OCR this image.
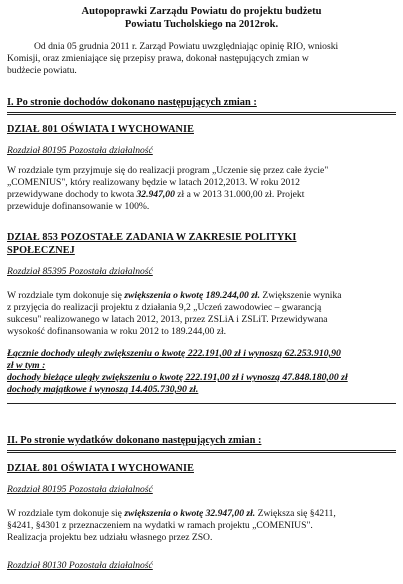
Autopoprawki Zarządu Powiatu do projektu budżetu
Powiatu Tucholskiego na 2012rok.
Od dnia 05 grudnia 2011 r. Zarząd Powiatu uwzględniając opinię RIO, wnioski
Komisji, oraz zmieniające się przepisy prawa, dokonał następujących zmian w
budżecie powiatu.
I. Po stronie dochodów dokonano następujących zmian :
DZIAŁ 801 OŚWIATA I WYCHOWANIE
Rozdział 80195 Pozostała działalność
W rozdziale tym przyjmuje się do realizacji program „Uczenie się przez całe życie"
„COMENIUS", który realizowany będzie w latach 2012,2013. W roku 2012
przewidywane dochody to kwota 32.947,00 zł a w 2013 31.000,00 zł. Projekt
przewiduje dofinansowanie w 100%.
DZIAŁ 853 POZOSTAŁE ZADANIA W ZAKRESIE POLITYKI
SPOŁECZNEJ
Rozdział 85395 Pozostała działalność
W rozdziale tym dokonuje się zwiększenia o kwotę 189.244,00 zł. Zwiększenie wynika
z przyjęcia do realizacji projektu z działania 9,2 „Uczeń zawodowiec – gwarancją
sukcesu" realizowanego w latach 2012, 2013, przez ZSLiA i ZSLiT. Przewidywana
wysokość dofinansowania w roku 2012 to 189.244,00 zł.
Łącznie dochody uległy zwiększeniu o kwotę 222.191,00 zł i wynoszą 62.253.910,90
zł w tym :
dochody bieżące uległy zwiększeniu o kwotę 222.191,00 zł i wynoszą 47.848.180,00 zł
dochody majątkowe i wynoszą 14.405.730,90 zł.
II. Po stronie wydatków dokonano następujących zmian :
DZIAŁ 801 OŚWIATA I WYCHOWANIE
Rozdział 80195 Pozostała działalność
W rozdziale tym dokonuje się zwiększenia o kwotę 32.947,00 zł. Zwiększa się §4211,
§4241, §4301 z przeznaczeniem na wydatki w ramach projektu „COMENIUS".
Realizacja projektu bez udziału własnego przez ZSO.
Rozdział 80130 Pozostała działalność
